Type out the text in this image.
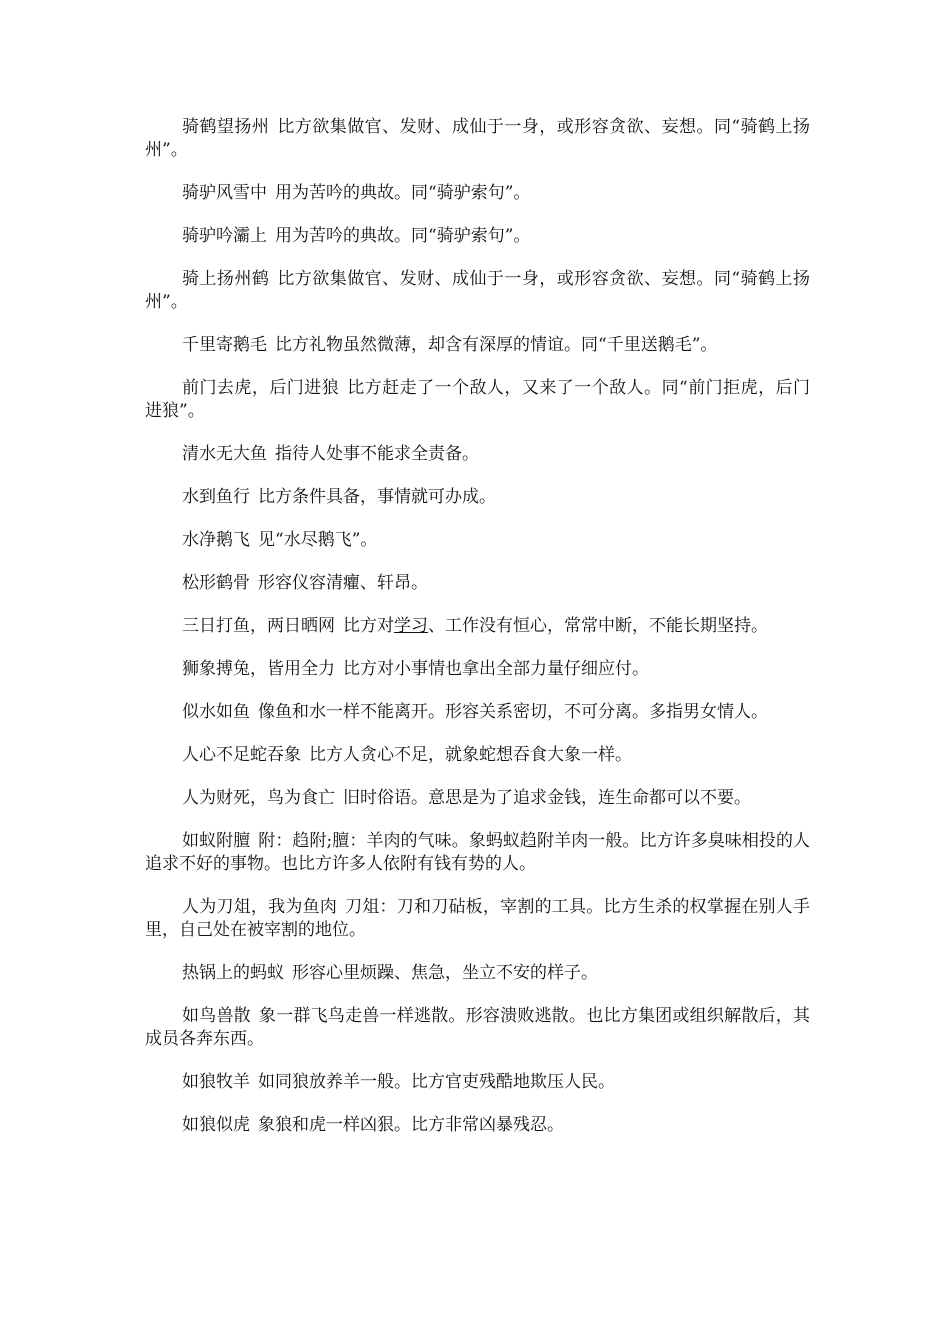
骑鹤望扬州 比方欲集做官、发财、成仙于一身，或形容贪欲、妄想。同“骑鹤上扬州”。

骑驴风雪中 用为苦吟的典故。同“骑驴索句”。

骑驴吟灞上 用为苦吟的典故。同“骑驴索句”。

骑上扬州鹤 比方欲集做官、发财、成仙于一身，或形容贪欲、妄想。同“骑鹤上扬州”。

千里寄鹅毛 比方礼物虽然微薄，却含有深厚的情谊。同“千里送鹅毛”。

前门去虎，后门进狼 比方赶走了一个敌人，又来了一个敌人。同“前门拒虎，后门进狼”。

清水无大鱼 指待人处事不能求全责备。

水到鱼行 比方条件具备，事情就可办成。

水净鹅飞 见“水尽鹅飞”。

松形鹤骨 形容仪容清癯、轩昂。

三日打鱼，两日晒网 比方对学习、工作没有恒心，常常中断，不能长期坚持。

狮象搏兔，皆用全力 比方对小事情也拿出全部力量仔细应付。

似水如鱼 像鱼和水一样不能离开。形容关系密切，不可分离。多指男女情人。

人心不足蛇吞象 比方人贪心不足，就象蛇想吞食大象一样。

人为财死，鸟为食亡 旧时俗语。意思是为了追求金钱，连生命都可以不要。

如蚁附膻 附：趋附;膻：羊肉的气味。象蚂蚁趋附羊肉一般。比方许多臭味相投的人追求不好的事物。也比方许多人依附有钱有势的人。

人为刀俎，我为鱼肉 刀俎：刀和刀砧板，宰割的工具。比方生杀的权掌握在别人手里，自己处在被宰割的地位。

热锅上的蚂蚁 形容心里烦躁、焦急，坐立不安的样子。

如鸟兽散 象一群飞鸟走兽一样逃散。形容溃败逃散。也比方集团或组织解散后，其成员各奔东西。

如狼牧羊 如同狼放养羊一般。比方官吏残酷地欺压人民。

如狼似虎 象狼和虎一样凶狠。比方非常凶暴残忍。
